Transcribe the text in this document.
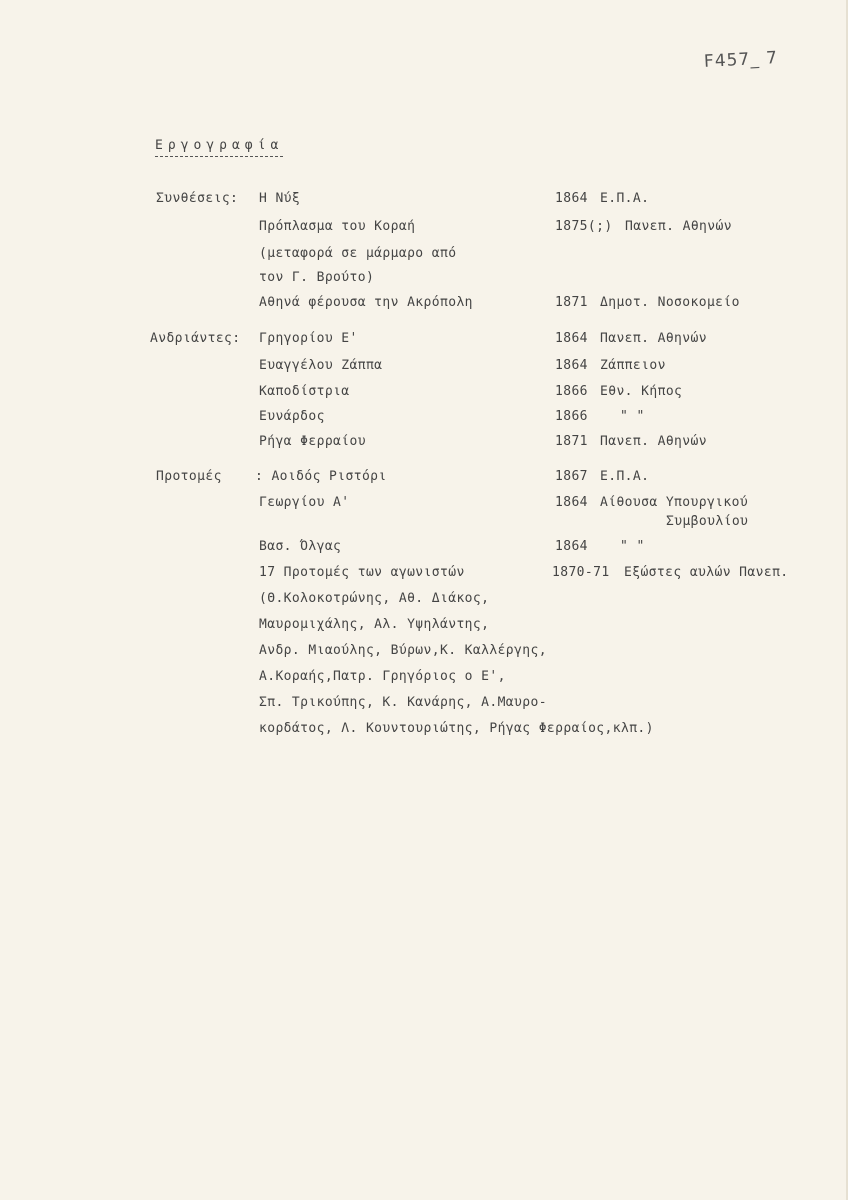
F457_ 7
Εργογραφία
Συνθέσεις: Η Νύξ	1864 Ε.Π.Α.
Πρόπλασμα του Κοραή	1875(;) Πανεπ. Αθηνών
(μεταφορά σε μάρμαρο από
τον Γ. Βρούτο)
Αθηνά φέρουσα την Ακρόπολη	1871 Δημοτ. Νοσοκομείο
Ανδριάντες: Γρηγορίου Ε'	1864 Πανεπ. Αθηνών
Ευαγγέλου Ζάππα	1864 Ζάππειον
Καποδίστρια	1866 Εθν. Κήπος
Ευνάρδος	1866 " "
Ρήγα Φερραίου	1871 Πανεπ. Αθηνών
Προτομές	: Αοιδός Ριστόρι	1867 Ε.Π.Α.
Γεωργίου Α'	1864 Αίθουσα Υπουργικού
Συμβουλίου
Βασ. Όλγας	1864 " "
17 Προτομές των αγωνιστών	1870-71 Εξώστες αυλών Πανεπ.
(Θ.Κολοκοτρώνης, Αθ. Διάκος,
Μαυρομιχάλης, Αλ. Υψηλάντης,
Ανδρ. Μιαούλης, Βύρων,Κ. Καλλέργης,
Α.Κοραής,Πατρ. Γρηγόριος ο Ε',
Σπ. Τρικούπης, Κ. Κανάρης, Α.Μαυρο-
κορδάτος, Λ. Κουντουριώτης, Ρήγας Φερραίος,κλπ.)
